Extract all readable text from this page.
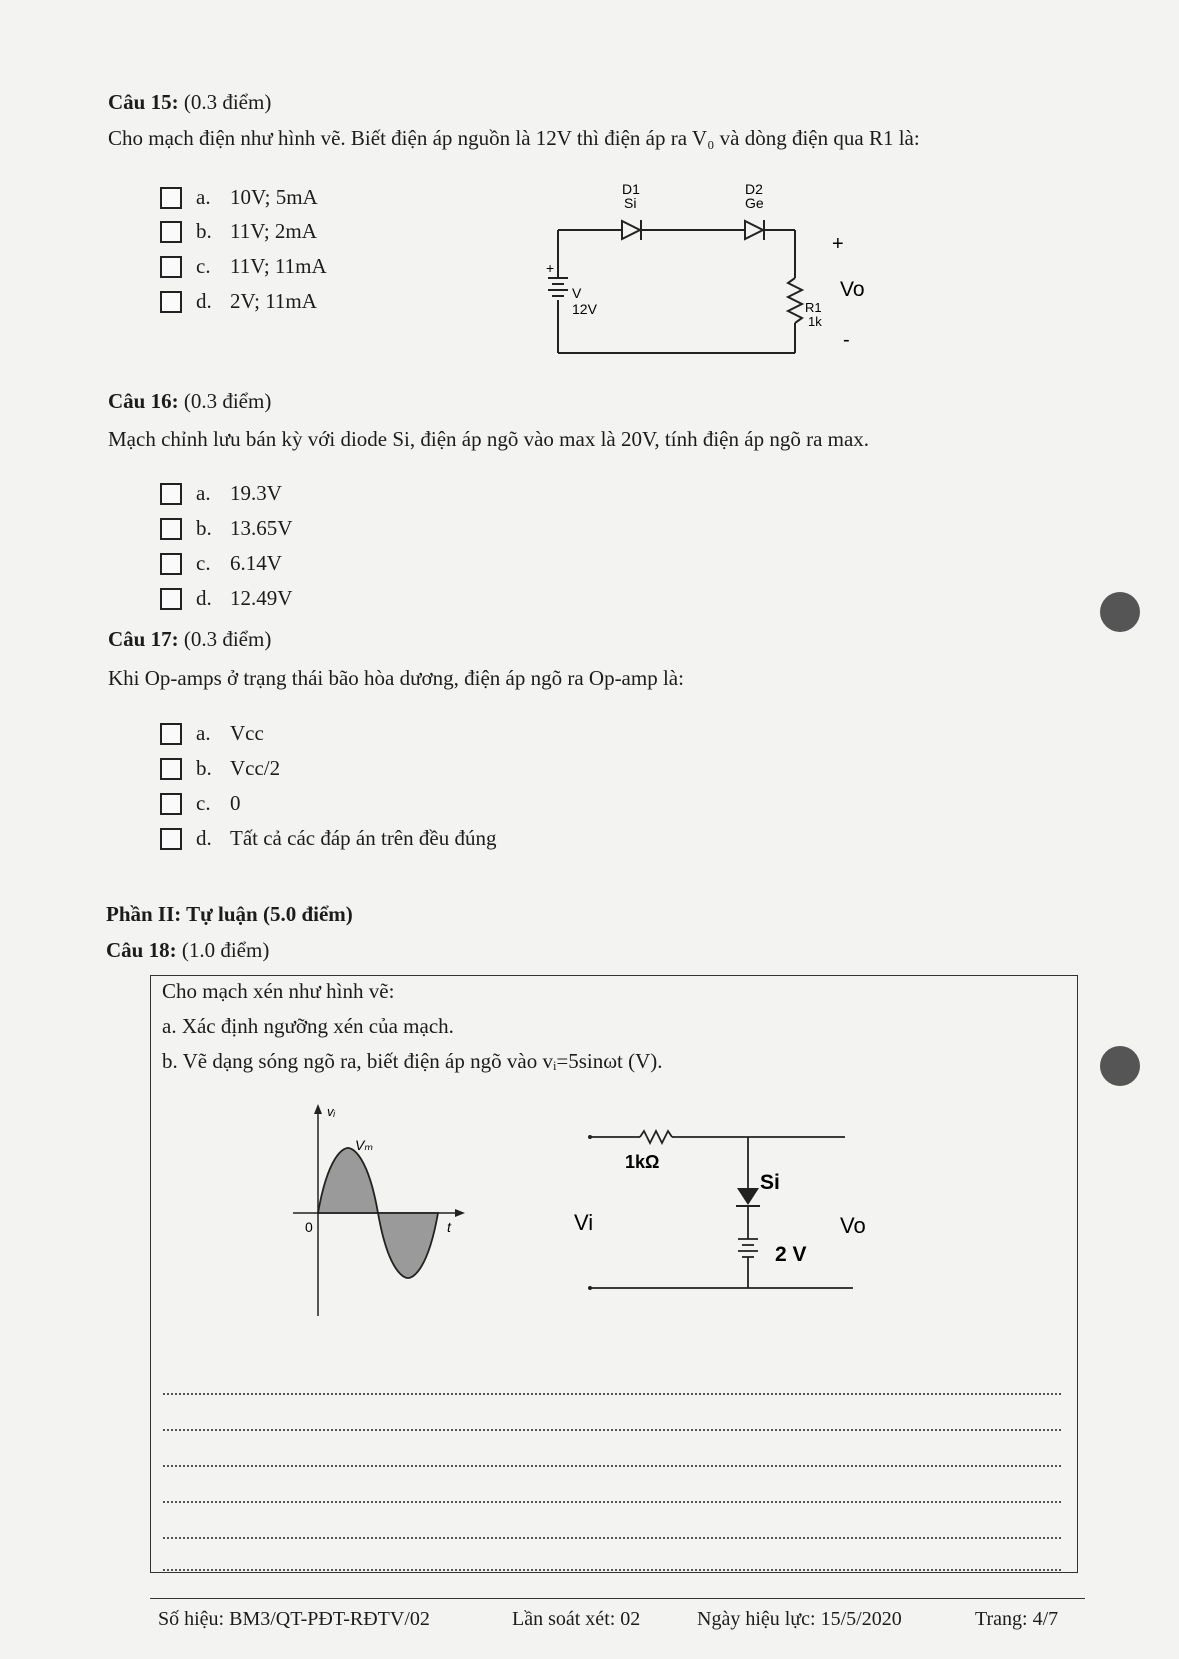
Câu 15: (0.3 điểm)
Cho mạch điện như hình vẽ. Biết điện áp nguồn là 12V thì điện áp ra V₀ và dòng điện qua R1 là:
a. 10V; 5mA
b. 11V; 2mA
c. 11V; 11mA
d. 2V; 11mA
D1
Si
D2
Ge
+
V
12V	R1
1k
+
Vo
-
Câu 16: (0.3 điểm)
Mạch chỉnh lưu bán kỳ với diode Si, điện áp ngõ vào max là 20V, tính điện áp ngõ ra max.
a. 19.3V
b. 13.65V
c. 6.14V
d. 12.49V
Câu 17: (0.3 điểm)
Khi Op-amps ở trạng thái bão hòa dương, điện áp ngõ ra Op-amp là:
a. Vcc
b. Vcc/2
c. 0
d. Tất cả các đáp án trên đều đúng
Phần II: Tự luận (5.0 điểm)
Câu 18: (1.0 điểm)
Cho mạch xén như hình vẽ:
a. Xác định ngưỡng xén của mạch.
b. Vẽ dạng sóng ngõ ra, biết điện áp ngõ vào vᵢ=5sinωt (V).
vᵢ
Vₘ
0	t
1kΩ
Si
2 V
Vi	Vo
Số hiệu: BM3/QT-PĐT-RĐTV/02	Lần soát xét: 02	Ngày hiệu lực: 15/5/2020	Trang: 4/7
